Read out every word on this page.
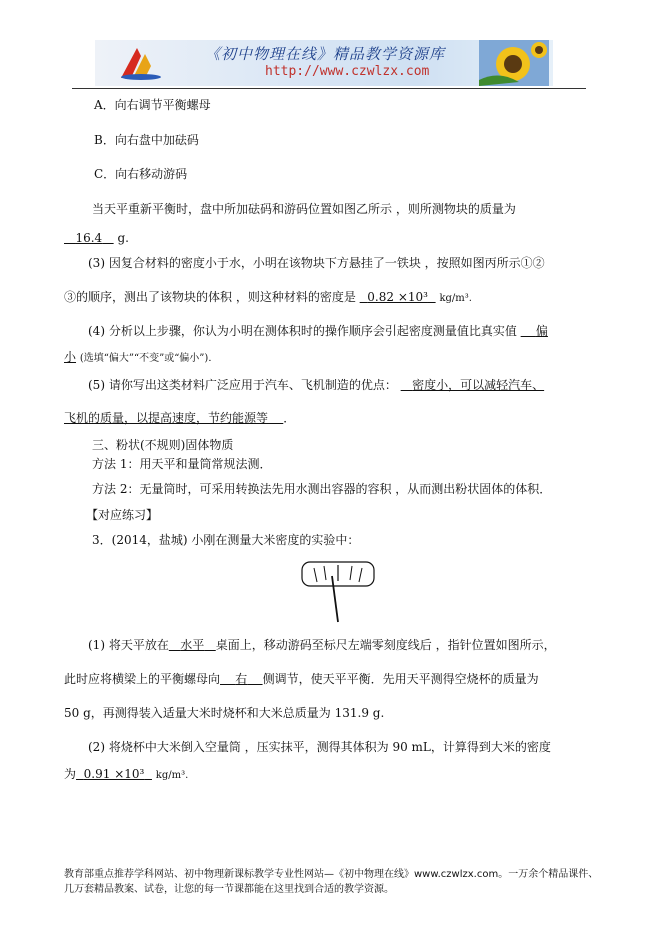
《初中物理在线》精品教学资源库
http://www.czwlzx.com
A．向右调节平衡螺母
B．向右盘中加砝码
C．向右移动游码
当天平重新平衡时，盘中所加砝码和游码位置如图乙所示 ，则所测物块的质量为
16.4 g.
(3) 因复合材料的密度小于水，小明在该物块下方悬挂了一铁块 ，按照如图丙所示①②
③的顺序，测出了该物块的体积 ，则这种材料的密度是 0.82 ×10³ kg/m³.
(4) 分析以上步骤，你认为小明在测体积时的操作顺序会引起密度测量值比真实值 偏
小 (选填“偏大”“不变”或“偏小”)．
(5) 请你写出这类材料广泛应用于汽车、飞机制造的优点： 密度小，可以减轻汽车、
飞机的质量，以提高速度，节约能源等 ．
三、粉状(不规则)固体物质
方法 1：用天平和量筒常规法测．
方法 2：无量筒时，可采用转换法先用水测出容器的容积 ，从而测出粉状固体的体积．
【对应练习】
3．(2014，盐城) 小刚在测量大米密度的实验中：
(1) 将天平放在 水平 桌面上，移动游码至标尺左端零刻度线后 ，指针位置如图所示，
此时应将横梁上的平衡螺母向 右 侧调节，使天平平衡．先用天平测得空烧杯的质量为
50 g，再测得装入适量大米时烧杯和大米总质量为 131.9 g.
(2) 将烧杯中大米倒入空量筒 ，压实抹平，测得其体积为 90 mL，计算得到大米的密度
为 0.91 ×10³ kg/m³.
教育部重点推荐学科网站、初中物理新课标教学专业性网站—《初中物理在线》www.czwlzx.com。一万余个精品课件、
几万套精品教案、试卷，让您的每一节课都能在这里找到合适的教学资源。
